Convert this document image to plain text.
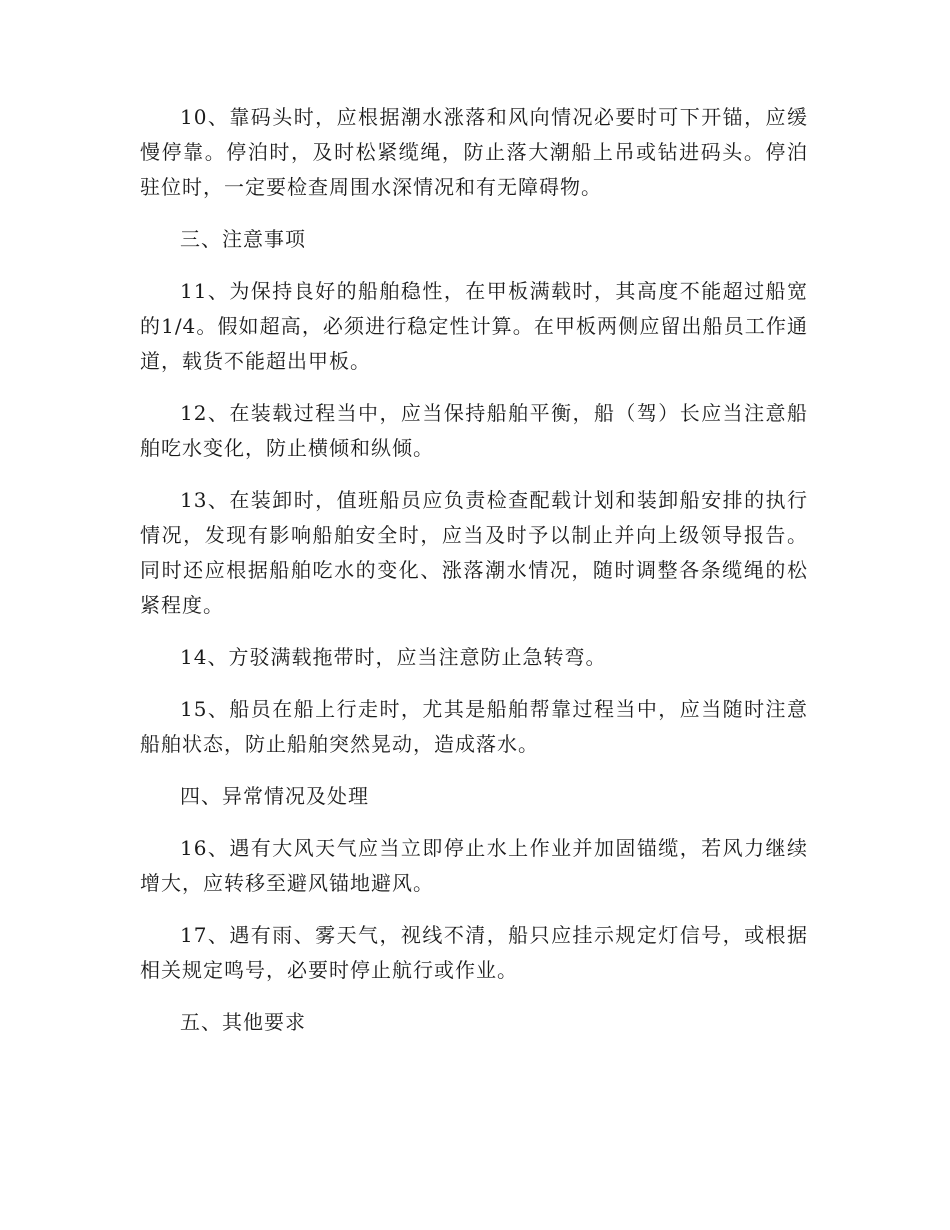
10、靠码头时，应根据潮水涨落和风向情况必要时可下开锚，应缓慢停靠。停泊时，及时松紧缆绳，防止落大潮船上吊或钻进码头。停泊驻位时，一定要检查周围水深情况和有无障碍物。

三、注意事项

11、为保持良好的船舶稳性，在甲板满载时，其高度不能超过船宽的1/4。假如超高，必须进行稳定性计算。在甲板两侧应留出船员工作通道，载货不能超出甲板。

12、在装载过程当中，应当保持船舶平衡，船（驾）长应当注意船舶吃水变化，防止横倾和纵倾。

13、在装卸时，值班船员应负责检查配载计划和装卸船安排的执行情况，发现有影响船舶安全时，应当及时予以制止并向上级领导报告。同时还应根据船舶吃水的变化、涨落潮水情况，随时调整各条缆绳的松紧程度。

14、方驳满载拖带时，应当注意防止急转弯。

15、船员在船上行走时，尤其是船舶帮靠过程当中，应当随时注意船舶状态，防止船舶突然晃动，造成落水。

四、异常情况及处理

16、遇有大风天气应当立即停止水上作业并加固锚缆，若风力继续增大，应转移至避风锚地避风。

17、遇有雨、雾天气，视线不清，船只应挂示规定灯信号，或根据相关规定鸣号，必要时停止航行或作业。

五、其他要求
